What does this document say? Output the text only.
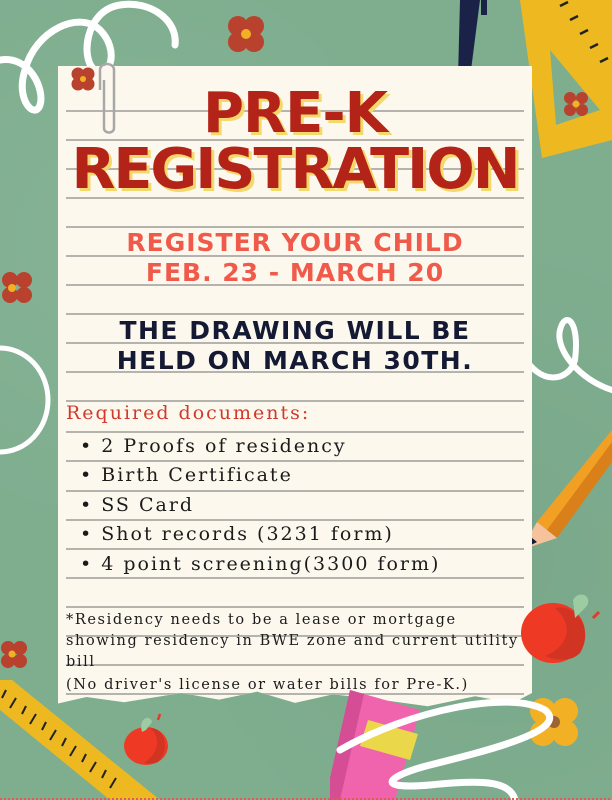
PRE-K
REGISTRATION
REGISTER YOUR CHILD
FEB. 23 - MARCH 20
THE DRAWING WILL BE
HELD ON MARCH 30TH.
Required documents:
• 2 Proofs of residency
• Birth Certificate
• SS Card
• Shot records (3231 form)
• 4 point screening(3300 form)
*Residency needs to be a lease or mortgage showing residency in BWE zone and current utility bill
(No driver's license or water bills for Pre-K.)
